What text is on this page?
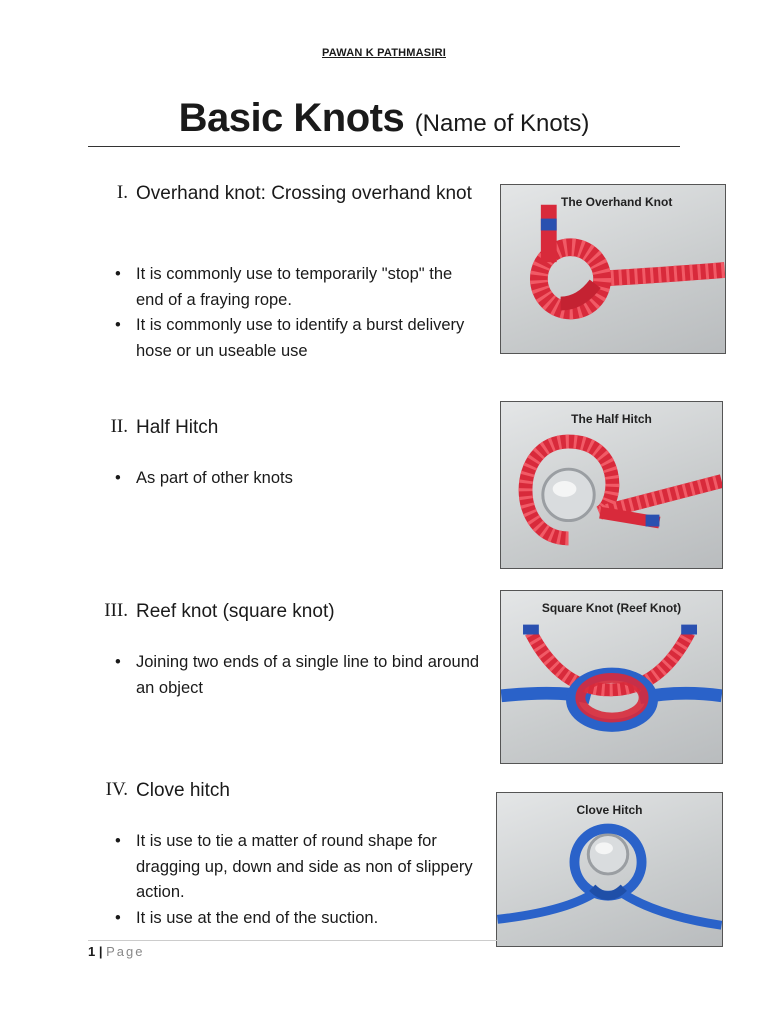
PAWAN K PATHMASIRI
Basic Knots (Name of Knots)
I. Overhand knot: Crossing overhand knot
• It is commonly use to temporarily "stop" the end of a fraying rope.
• It is commonly use to identify a burst delivery hose or un useable use
II. Half Hitch
• As part of other knots
III. Reef knot (square knot)
• Joining two ends of a single line to bind around an object
IV. Clove hitch
• It is use to tie a matter of round shape for dragging up, down and side as non of slippery action.
• It is use at the end of the suction.
The Overhand Knot
The Half Hitch
Square Knot (Reef Knot)
Clove Hitch
1 | Page
